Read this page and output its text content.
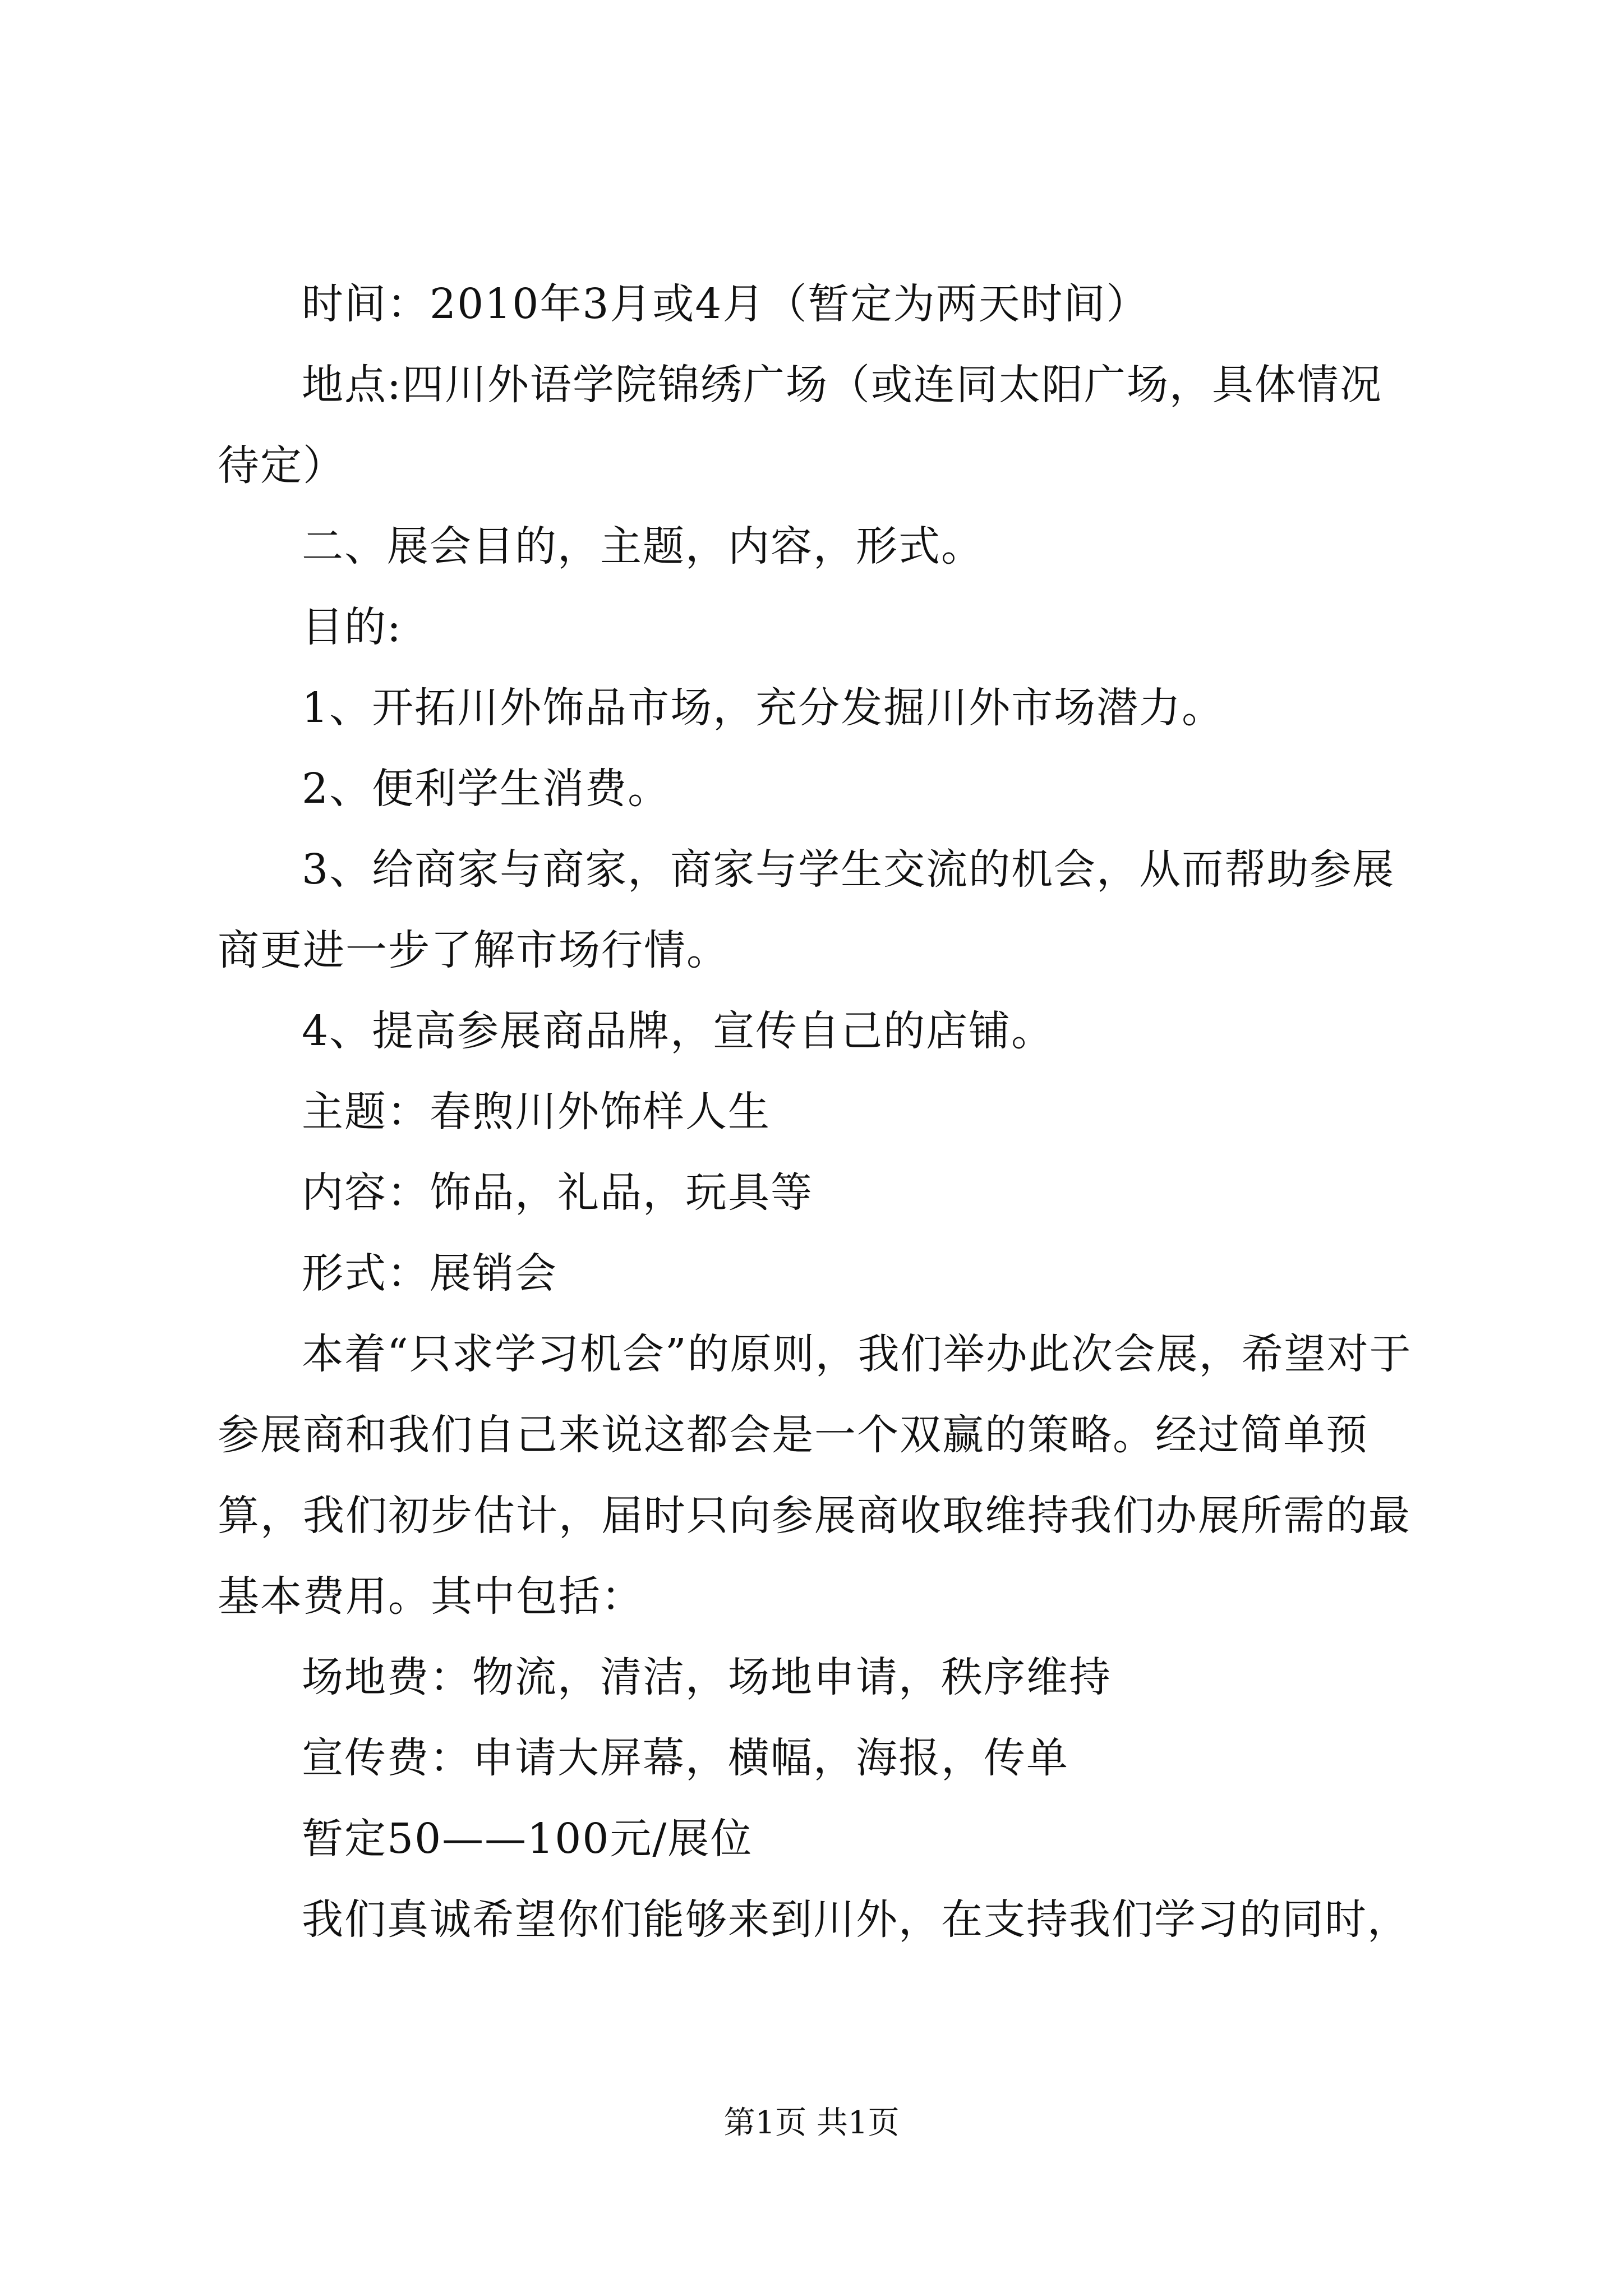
时间：2010年3月或4月（暂定为两天时间）

地点:四川外语学院锦绣广场（或连同太阳广场，具体情况待定）

二、展会目的，主题，内容，形式。

目的:

1、开拓川外饰品市场，充分发掘川外市场潜力。

2、便利学生消费。

3、给商家与商家，商家与学生交流的机会，从而帮助参展商更进一步了解市场行情。

4、提高参展商品牌，宣传自己的店铺。

主题：春煦川外饰样人生

内容：饰品，礼品，玩具等

形式：展销会

本着“只求学习机会”的原则，我们举办此次会展，希望对于参展商和我们自己来说这都会是一个双赢的策略。经过简单预算，我们初步估计，届时只向参展商收取维持我们办展所需的最基本费用。其中包括：

场地费：物流，清洁，场地申请，秩序维持

宣传费：申请大屏幕，横幅，海报，传单

暂定50——100元/展位

我们真诚希望你们能够来到川外，在支持我们学习的同时，

第1页 共1页
